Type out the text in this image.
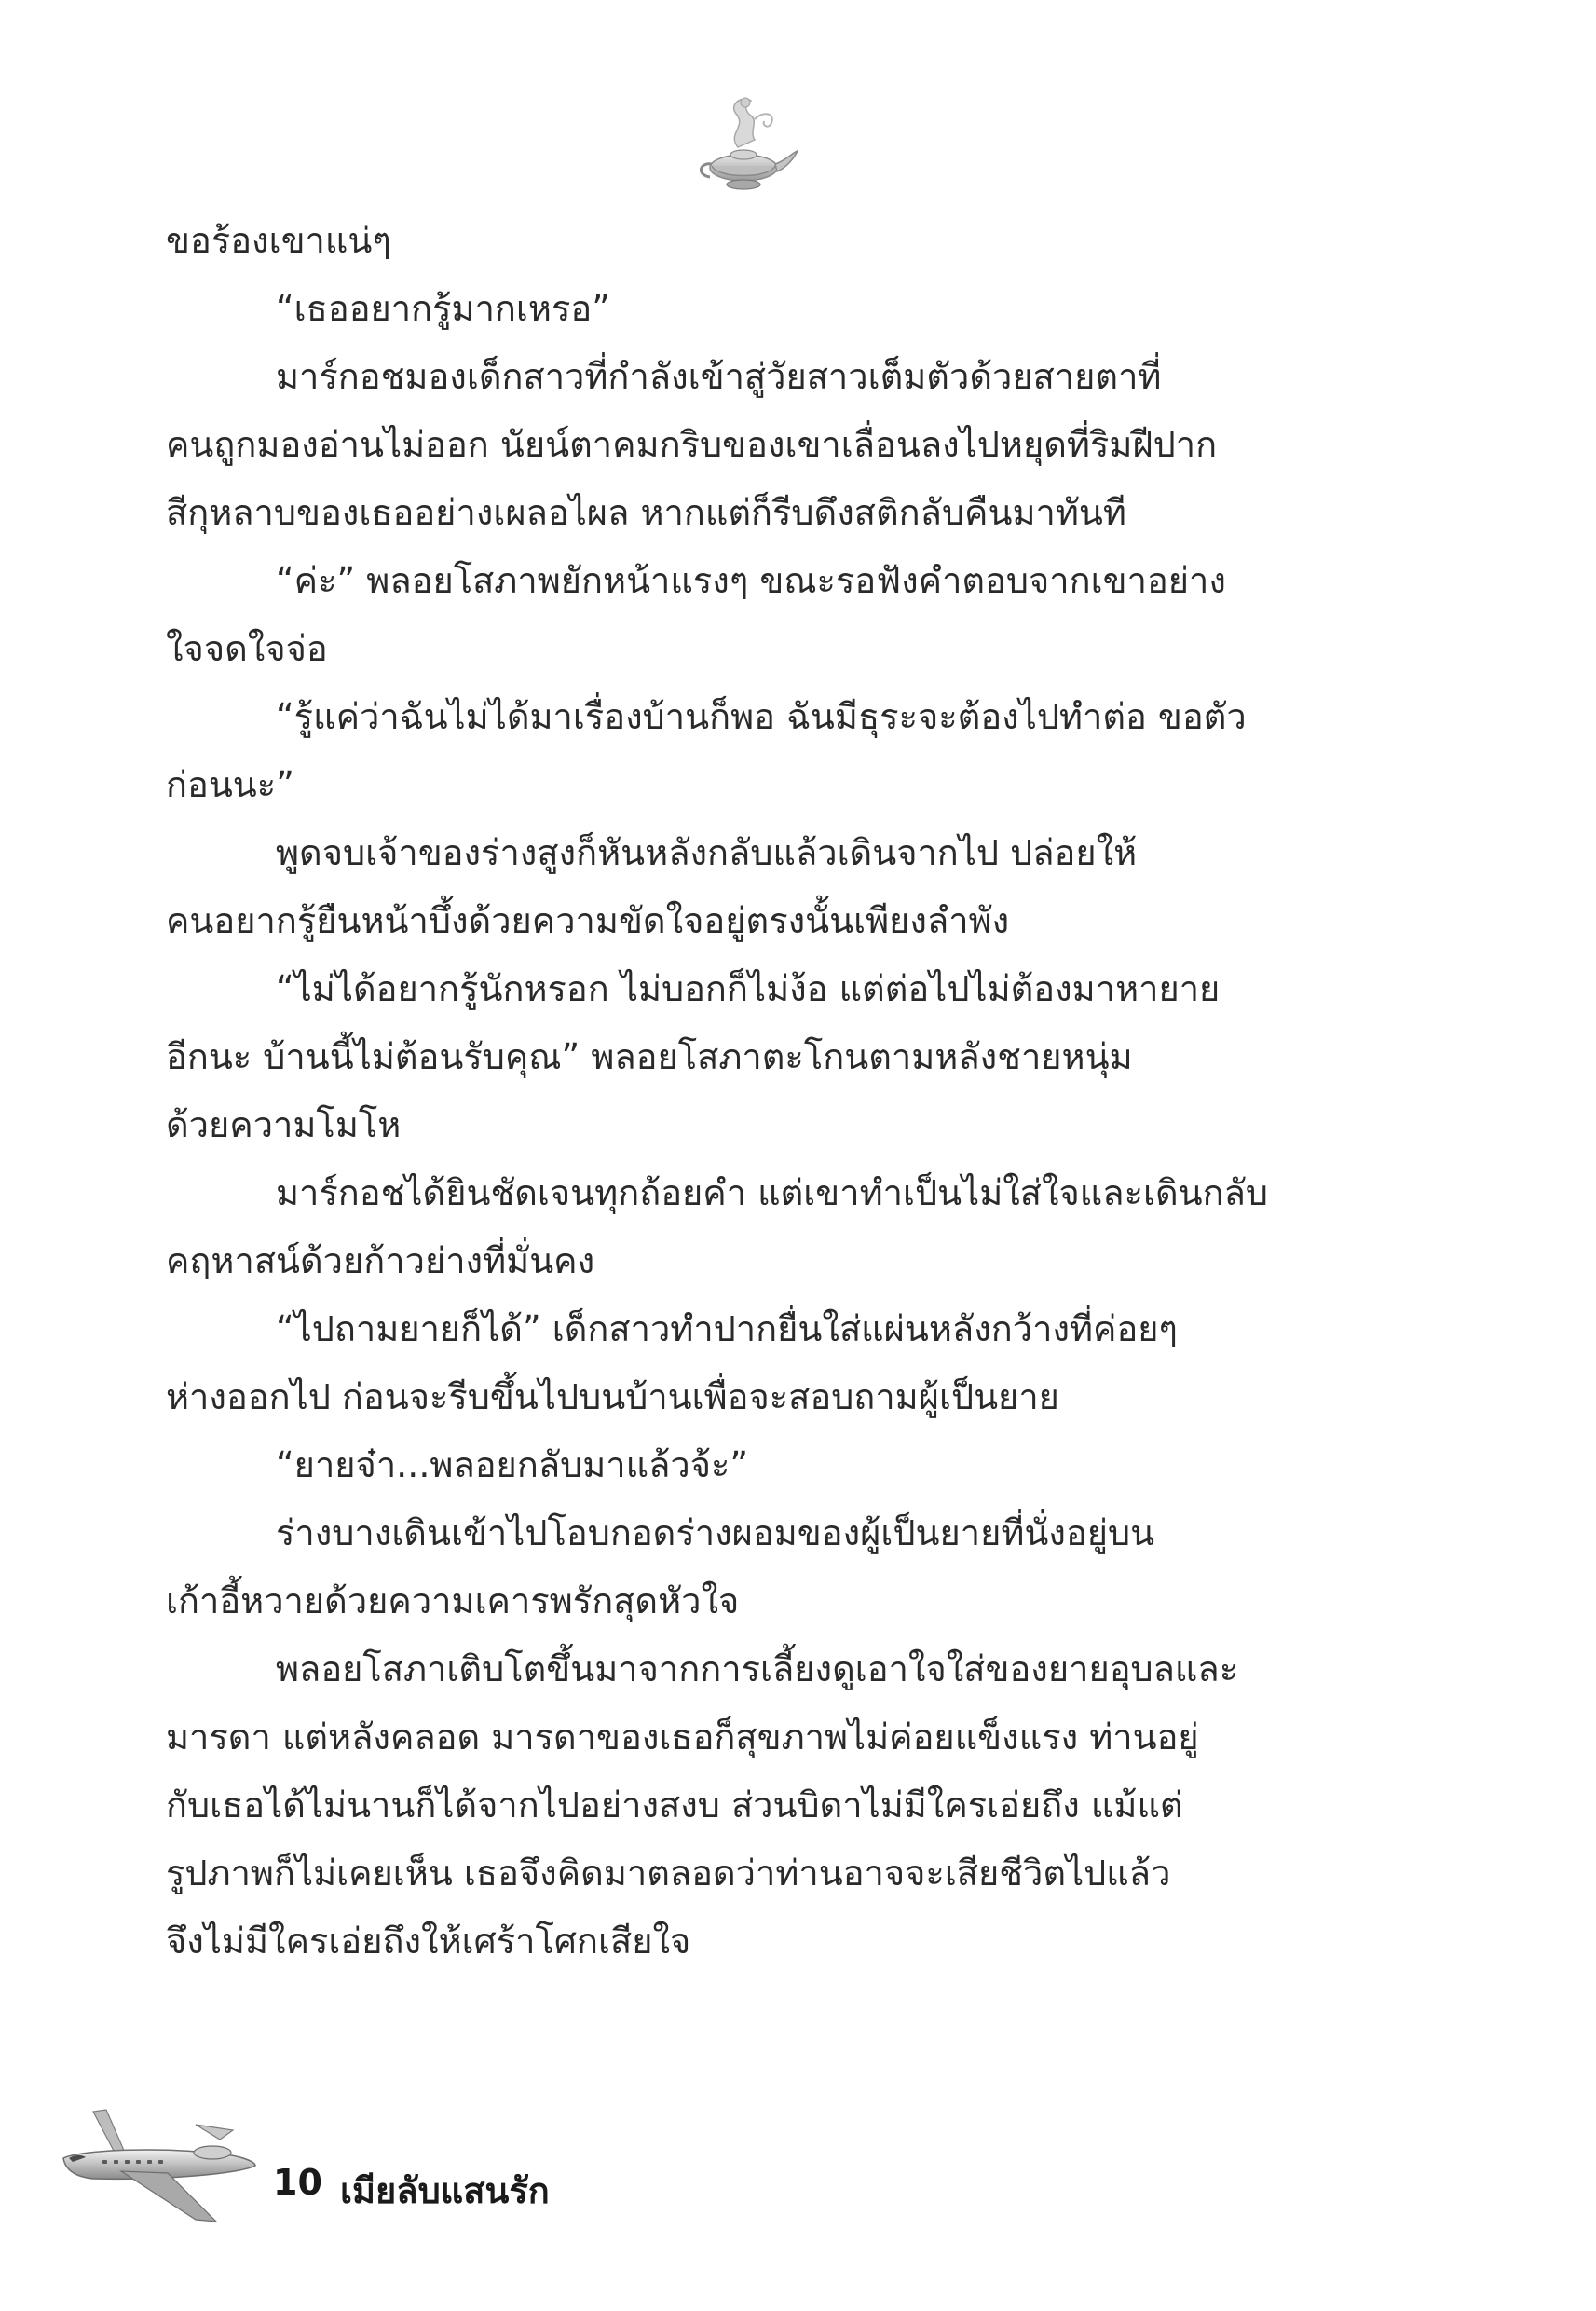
ขอร้องเขาแน่ๆ
“เธออยากรู้มากเหรอ”
มาร์กอชมองเด็กสาวที่กำลังเข้าสู่วัยสาวเต็มตัวด้วยสายตาที่
คนถูกมองอ่านไม่ออก นัยน์ตาคมกริบของเขาเลื่อนลงไปหยุดที่ริมฝีปาก
สีกุหลาบของเธออย่างเผลอไผล หากแต่ก็รีบดึงสติกลับคืนมาทันที
“ค่ะ” พลอยโสภาพยักหน้าแรงๆ ขณะรอฟังคำตอบจากเขาอย่าง
ใจจดใจจ่อ
“รู้แค่ว่าฉันไม่ได้มาเรื่องบ้านก็พอ ฉันมีธุระจะต้องไปทำต่อ ขอตัว
ก่อนนะ”
พูดจบเจ้าของร่างสูงก็หันหลังกลับแล้วเดินจากไป ปล่อยให้
คนอยากรู้ยืนหน้าบึ้งด้วยความขัดใจอยู่ตรงนั้นเพียงลำพัง
“ไม่ได้อยากรู้นักหรอก ไม่บอกก็ไม่ง้อ แต่ต่อไปไม่ต้องมาหายาย
อีกนะ บ้านนี้ไม่ต้อนรับคุณ” พลอยโสภาตะโกนตามหลังชายหนุ่ม
ด้วยความโมโห
มาร์กอชได้ยินชัดเจนทุกถ้อยคำ แต่เขาทำเป็นไม่ใส่ใจและเดินกลับ
คฤหาสน์ด้วยก้าวย่างที่มั่นคง
“ไปถามยายก็ได้” เด็กสาวทำปากยื่นใส่แผ่นหลังกว้างที่ค่อยๆ
ห่างออกไป ก่อนจะรีบขึ้นไปบนบ้านเพื่อจะสอบถามผู้เป็นยาย
“ยายจ๋า...พลอยกลับมาแล้วจ้ะ”
ร่างบางเดินเข้าไปโอบกอดร่างผอมของผู้เป็นยายที่นั่งอยู่บน
เก้าอี้หวายด้วยความเคารพรักสุดหัวใจ
พลอยโสภาเติบโตขึ้นมาจากการเลี้ยงดูเอาใจใส่ของยายอุบลและ
มารดา แต่หลังคลอด มารดาของเธอก็สุขภาพไม่ค่อยแข็งแรง ท่านอยู่
กับเธอได้ไม่นานก็ได้จากไปอย่างสงบ ส่วนบิดาไม่มีใครเอ่ยถึง แม้แต่
รูปภาพก็ไม่เคยเห็น เธอจึงคิดมาตลอดว่าท่านอาจจะเสียชีวิตไปแล้ว
จึงไม่มีใครเอ่ยถึงให้เศร้าโศกเสียใจ
10 เมียลับแสนรัก
